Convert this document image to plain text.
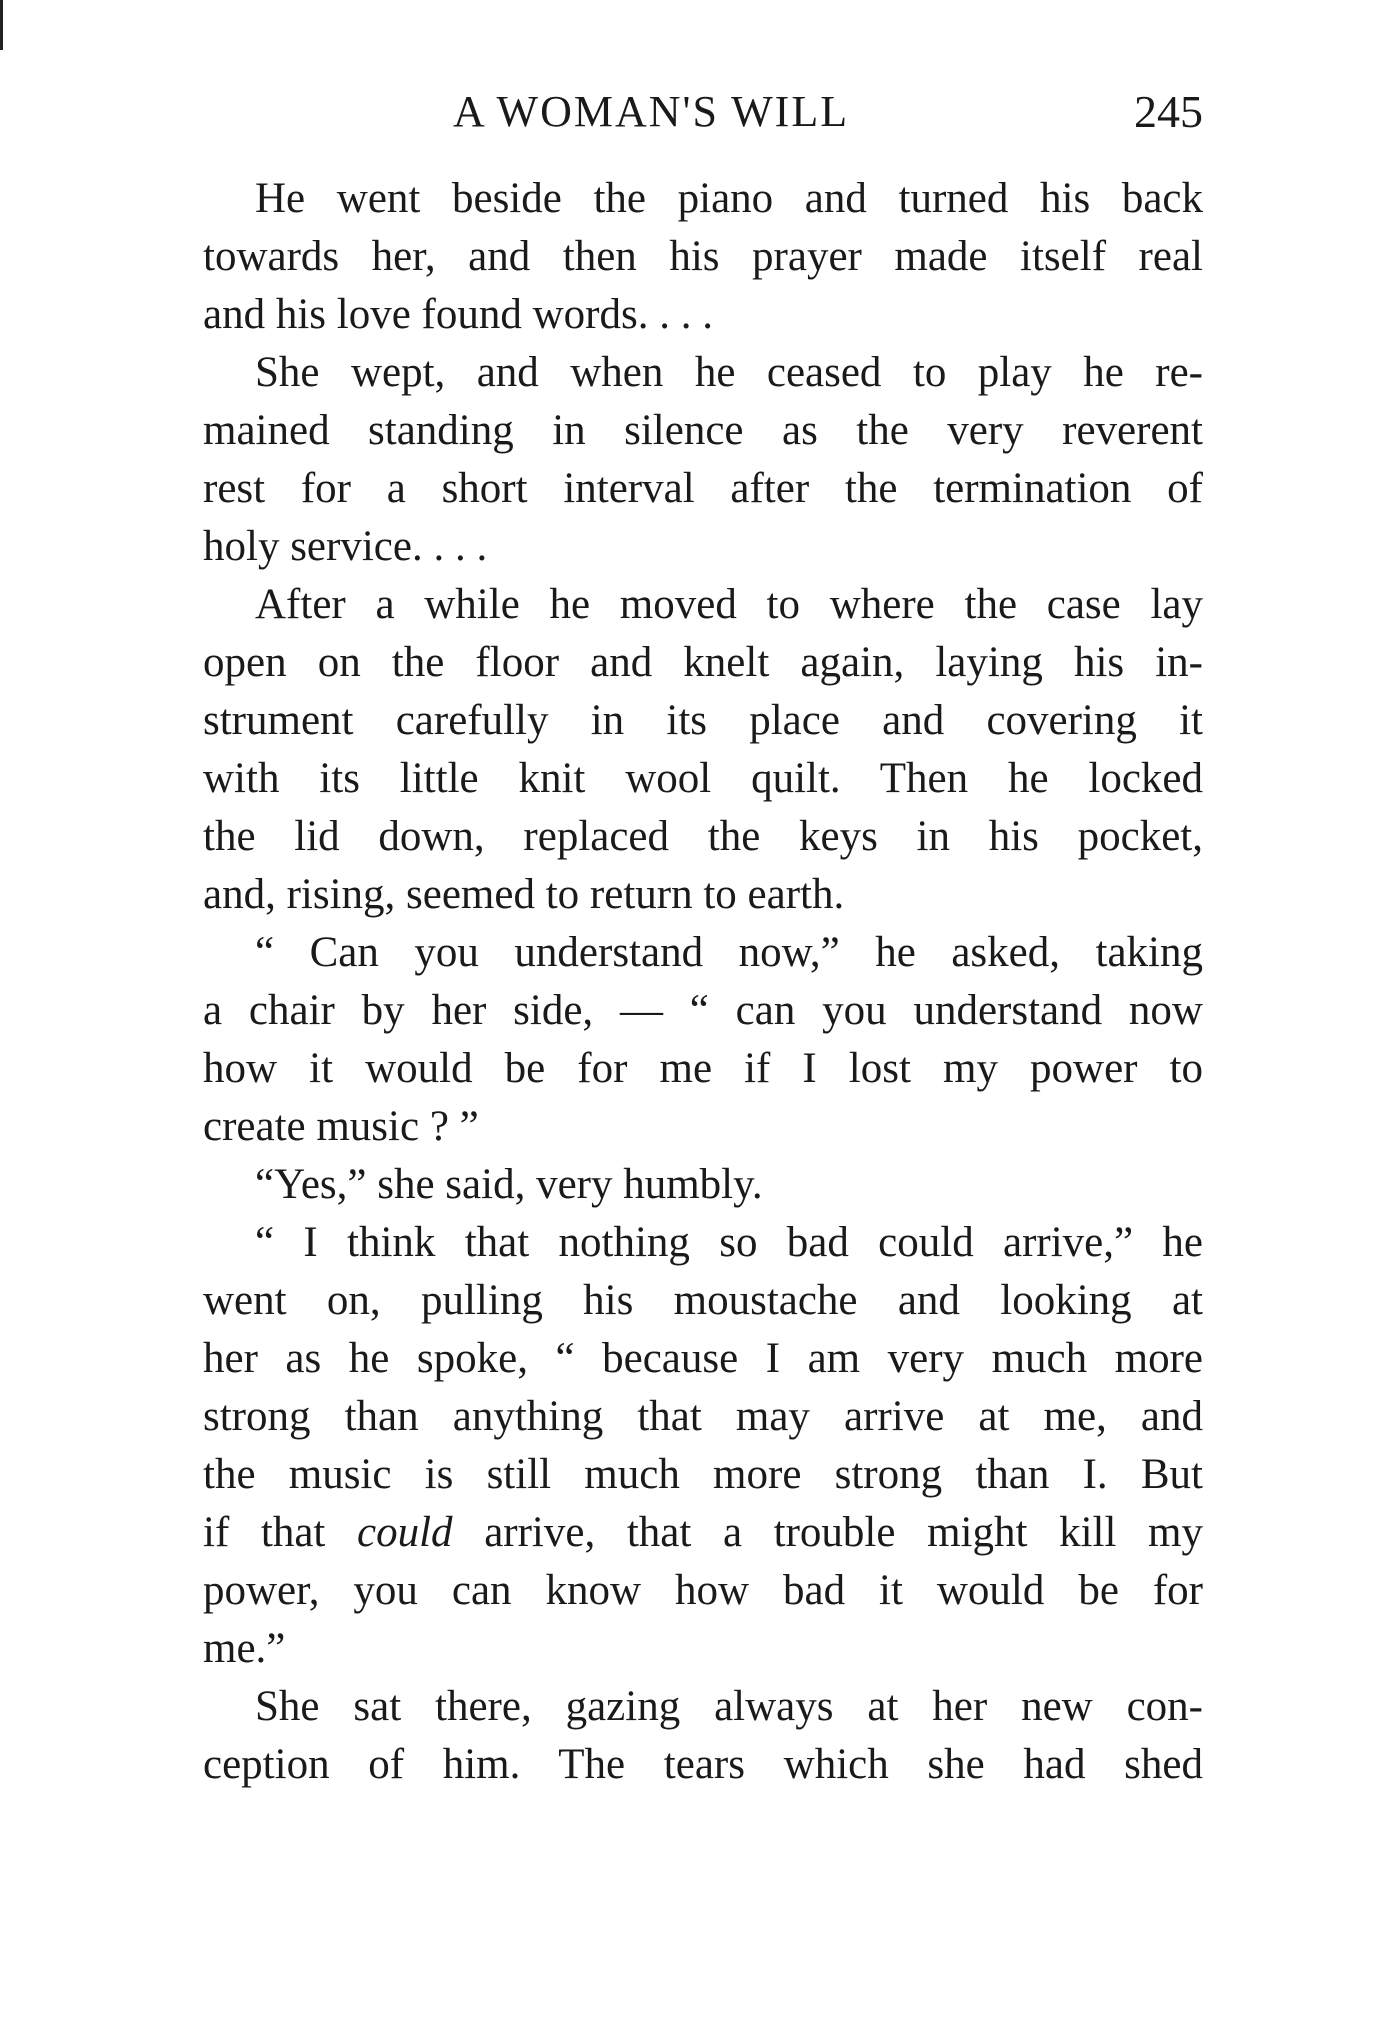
A WOMAN'S WILL	245
He went beside the piano and turned his back
towards her, and then his prayer made itself real
and his love found words. . . .
She wept, and when he ceased to play he re-
mained standing in silence as the very reverent
rest for a short interval after the termination of
holy service. . . .
After a while he moved to where the case lay
open on the floor and knelt again, laying his in-
strument carefully in its place and covering it
with its little knit wool quilt. Then he locked
the lid down, replaced the keys in his pocket,
and, rising, seemed to return to earth.
“ Can you understand now,” he asked, taking
a chair by her side, — “ can you understand now
how it would be for me if I lost my power to
create music ? ”
“Yes,” she said, very humbly.
“ I think that nothing so bad could arrive,” he
went on, pulling his moustache and looking at
her as he spoke, “ because I am very much more
strong than anything that may arrive at me, and
the music is still much more strong than I. But
if that could arrive, that a trouble might kill my
power, you can know how bad it would be for
me.”
She sat there, gazing always at her new con-
ception of him. The tears which she had shed
